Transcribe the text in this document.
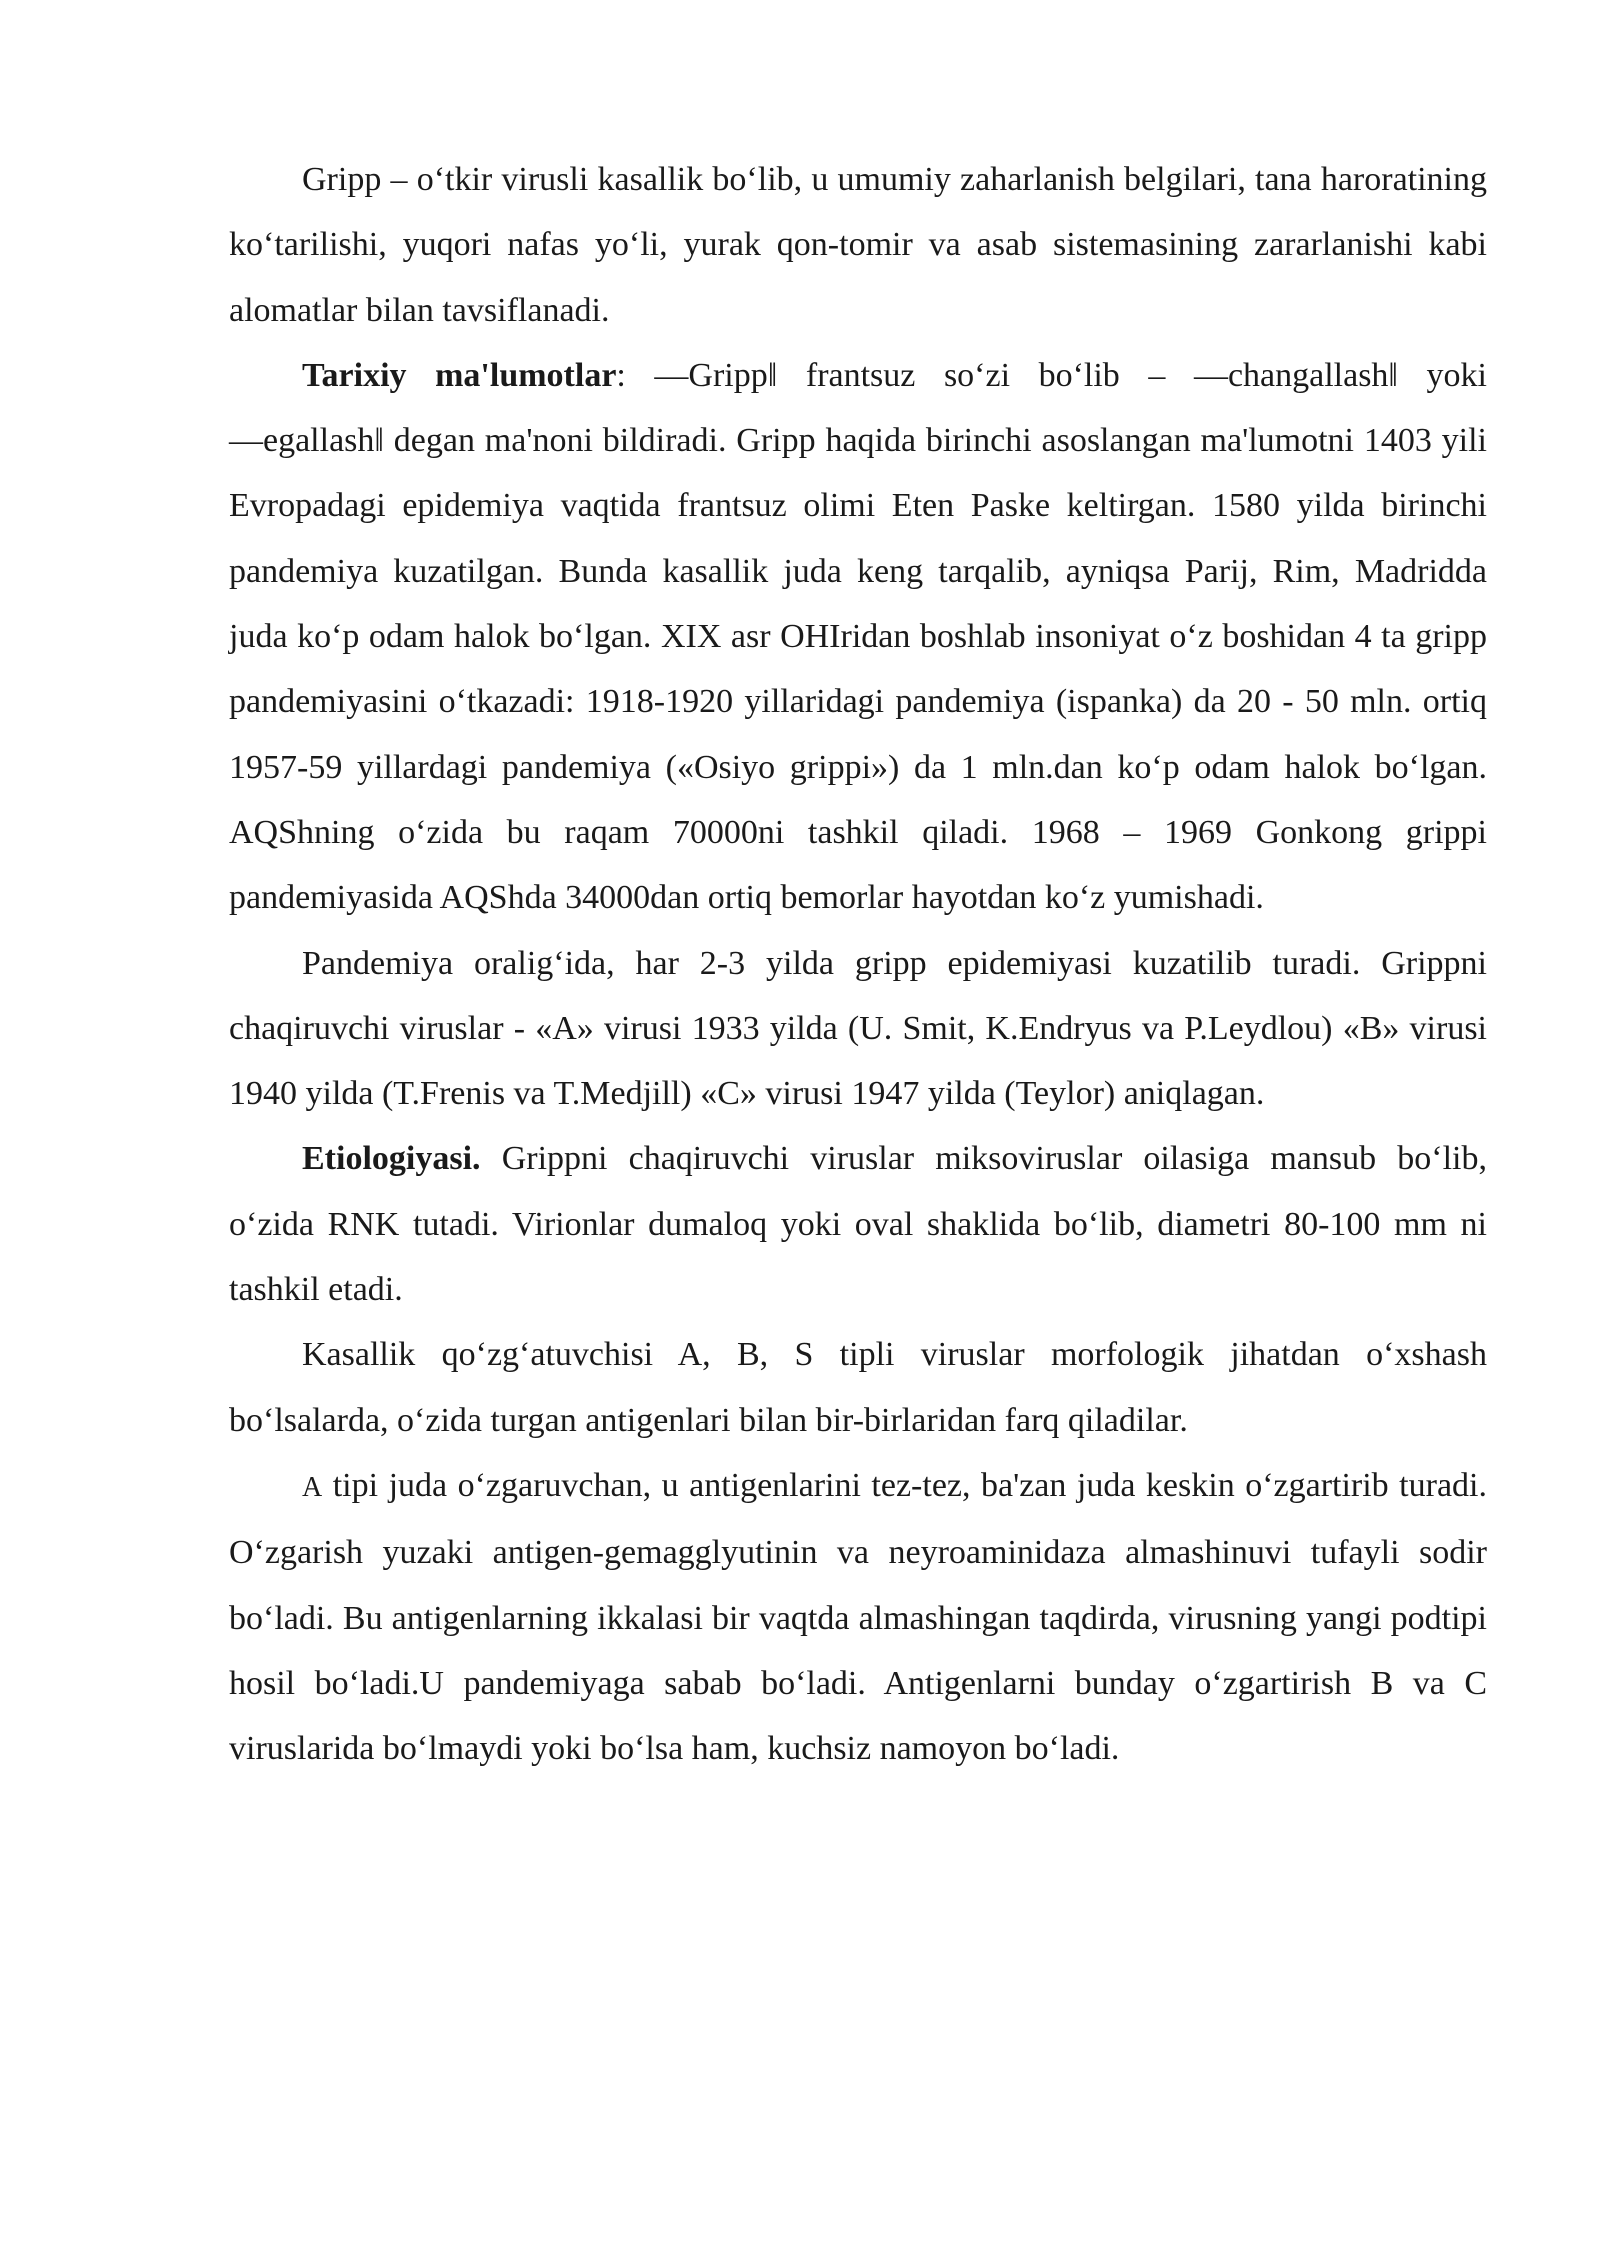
Gripp – o‘tkir virusli kasallik bo‘lib, u umumiy zaharlanish belgilari, tana haroratining ko‘tarilishi, yuqori nafas yo‘li, yurak qon-tomir va asab sistemasining zararlanishi kabi alomatlar bilan tavsiflanadi.

Tarixiy ma'lumotlar: ―Gripp‖ frantsuz so‘zi bo‘lib – ―changallash‖ yoki ―egallash‖ degan ma'noni bildiradi. Gripp haqida birinchi asoslangan ma'lumotni 1403 yili Evropadagi epidemiya vaqtida frantsuz olimi Eten Paske keltirgan. 1580 yilda birinchi pandemiya kuzatilgan. Bunda kasallik juda keng tarqalib, ayniqsa Parij, Rim, Madridda juda ko‘p odam halok bo‘lgan. XIX asr OHIridan boshlab insoniyat o‘z boshidan 4 ta gripp pandemiyasini o‘tkazadi: 1918-1920 yillaridagi pandemiya (ispanka) da 20 - 50 mln. ortiq 1957-59 yillardagi pandemiya («Osiyo grippi») da 1 mln.dan ko‘p odam halok bo‘lgan. AQShning o‘zida bu raqam 70000ni tashkil qiladi. 1968 – 1969 Gonkong grippi pandemiyasida AQShda 34000dan ortiq bemorlar hayotdan ko‘z yumishadi.

Pandemiya oralig‘ida, har 2-3 yilda gripp epidemiyasi kuzatilib turadi. Grippni chaqiruvchi viruslar - «A» virusi 1933 yilda (U. Smit, K.Endryus va P.Leydlou) «B» virusi 1940 yilda (T.Frenis va T.Medjill) «C» virusi 1947 yilda (Teylor) aniqlagan.

Etiologiyasi. Grippni chaqiruvchi viruslar miksoviruslar oilasiga mansub bo‘lib, o‘zida RNK tutadi. Virionlar dumaloq yoki oval shaklida bo‘lib, diametri 80-100 mm ni tashkil etadi.

Kasallik qo‘zg‘atuvchisi A, B, S tipli viruslar morfologik jihatdan o‘xshash bo‘lsalarda, o‘zida turgan antigenlari bilan bir-birlaridan farq qiladilar.

A tipi juda o‘zgaruvchan, u antigenlarini tez-tez, ba'zan juda keskin o‘zgartirib turadi. O‘zgarish yuzaki antigen-gemagglyutinin va neyroaminidaza almashinuvi tufayli sodir bo‘ladi. Bu antigenlarning ikkalasi bir vaqtda almashingan taqdirda, virusning yangi podtipi hosil bo‘ladi.U pandemiyaga sabab bo‘ladi. Antigenlarni bunday o‘zgartirish B va C viruslarida bo‘lmaydi yoki bo‘lsa ham, kuchsiz namoyon bo‘ladi.
